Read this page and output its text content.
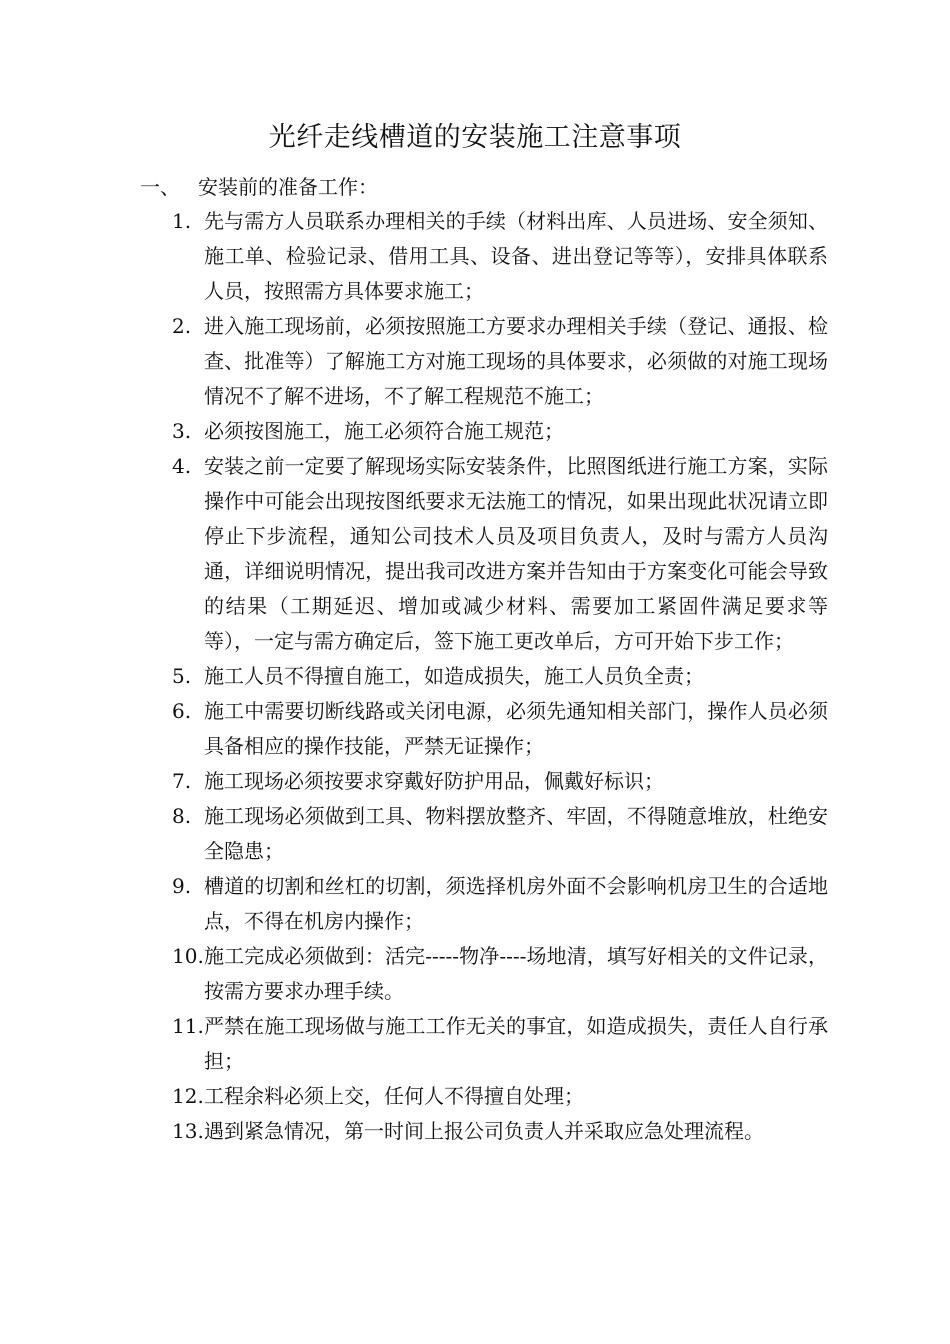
光纤走线槽道的安装施工注意事项
一、 安装前的准备工作：
1. 先与需方人员联系办理相关的手续（材料出库、人员进场、安全须知、施工单、检验记录、借用工具、设备、进出登记等等），安排具体联系人员，按照需方具体要求施工；
2. 进入施工现场前，必须按照施工方要求办理相关手续（登记、通报、检查、批准等）了解施工方对施工现场的具体要求，必须做的对施工现场情况不了解不进场，不了解工程规范不施工；
3. 必须按图施工，施工必须符合施工规范；
4. 安装之前一定要了解现场实际安装条件，比照图纸进行施工方案，实际操作中可能会出现按图纸要求无法施工的情况，如果出现此状况请立即停止下步流程，通知公司技术人员及项目负责人，及时与需方人员沟通，详细说明情况，提出我司改进方案并告知由于方案变化可能会导致的结果（工期延迟、增加或减少材料、需要加工紧固件满足要求等等），一定与需方确定后，签下施工更改单后，方可开始下步工作；
5. 施工人员不得擅自施工，如造成损失，施工人员负全责；
6. 施工中需要切断线路或关闭电源，必须先通知相关部门，操作人员必须具备相应的操作技能，严禁无证操作；
7. 施工现场必须按要求穿戴好防护用品，佩戴好标识；
8. 施工现场必须做到工具、物料摆放整齐、牢固，不得随意堆放，杜绝安全隐患；
9. 槽道的切割和丝杠的切割，须选择机房外面不会影响机房卫生的合适地点，不得在机房内操作；
10. 施工完成必须做到：活完-----物净----场地清，填写好相关的文件记录，按需方要求办理手续。
11. 严禁在施工现场做与施工工作无关的事宜，如造成损失，责任人自行承担；
12. 工程余料必须上交，任何人不得擅自处理；
13. 遇到紧急情况，第一时间上报公司负责人并采取应急处理流程。
